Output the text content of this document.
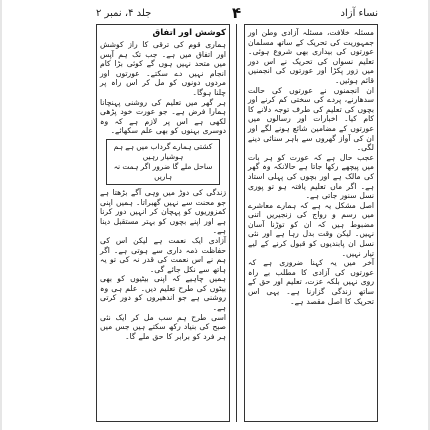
نساء آزاد
۴
جلد ۴، نمبر ۲

مسئلہ خلافت، مسئلہ آزادی وطن اور جمہوریت کی تحریک کے ساتھ مسلمان عورتوں کی بیداری بھی شروع ہوئی۔ تعلیم نسواں کی تحریک نے اس دور میں زور پکڑا اور عورتوں کی انجمنیں قائم ہوئیں۔

ان انجمنوں نے عورتوں کی حالت سدھارنے، پردے کی سختی کم کرنے اور بچوں کی تعلیم کی طرف توجہ دلانے کا کام کیا۔ اخبارات اور رسالوں میں عورتوں کے مضامین شائع ہونے لگے اور ان کی آواز گھروں سے باہر سنائی دینے لگی۔

عجب حال ہے کہ عورت کو ہر بات میں پیچھے رکھا جاتا ہے حالانکہ وہ گھر کی مالک ہے اور بچوں کی پہلی استاد ہے۔ اگر ماں تعلیم یافتہ ہو تو پوری نسل سنور جاتی ہے۔

اصل مشکل یہ ہے کہ ہمارے معاشرے میں رسم و رواج کی زنجیریں اتنی مضبوط ہیں کہ ان کو توڑنا آسان نہیں۔ لیکن وقت بدل رہا ہے اور نئی نسل ان پابندیوں کو قبول کرنے کے لیے تیار نہیں۔

آخر میں یہ کہنا ضروری ہے کہ عورتوں کی آزادی کا مطلب بے راہ روی نہیں بلکہ عزت، تعلیم اور حق کے ساتھ زندگی گزارنا ہے۔ یہی اس تحریک کا اصل مقصد ہے۔

کوشش اور اتفاق

ہماری قوم کی ترقی کا راز کوشش اور اتفاق میں ہے۔ جب تک ہم آپس میں متحد نہیں ہوں گے کوئی بڑا کام انجام نہیں دے سکتے۔ عورتوں اور مردوں دونوں کو مل کر اس راہ پر چلنا ہوگا۔

ہر گھر میں تعلیم کی روشنی پہنچانا ہمارا فرض ہے۔ جو عورت خود پڑھی لکھی ہے اس پر لازم ہے کہ وہ دوسری بہنوں کو بھی علم سکھائے۔

کشتی ہمارے گرداب میں ہے ہم ہوشیار رہیں
ساحل ملے گا ضرور اگر ہمت نہ ہاریں

زندگی کی دوڑ میں وہی آگے بڑھتا ہے جو محنت سے نہیں گھبراتا۔ ہمیں اپنی کمزوریوں کو پہچان کر انہیں دور کرنا ہے اور اپنے بچوں کو بہتر مستقبل دینا ہے۔

آزادی ایک نعمت ہے لیکن اس کی حفاظت ذمہ داری سے ہوتی ہے۔ اگر ہم نے اس نعمت کی قدر نہ کی تو یہ ہاتھ سے نکل جائے گی۔

ہمیں چاہیے کہ اپنی بیٹیوں کو بھی بیٹوں کی طرح تعلیم دیں۔ علم ہی وہ روشنی ہے جو اندھیروں کو دور کرتی ہے۔

اسی طرح ہم سب مل کر ایک نئی صبح کی بنیاد رکھ سکتے ہیں جس میں ہر فرد کو برابر کا حق ملے گا۔
